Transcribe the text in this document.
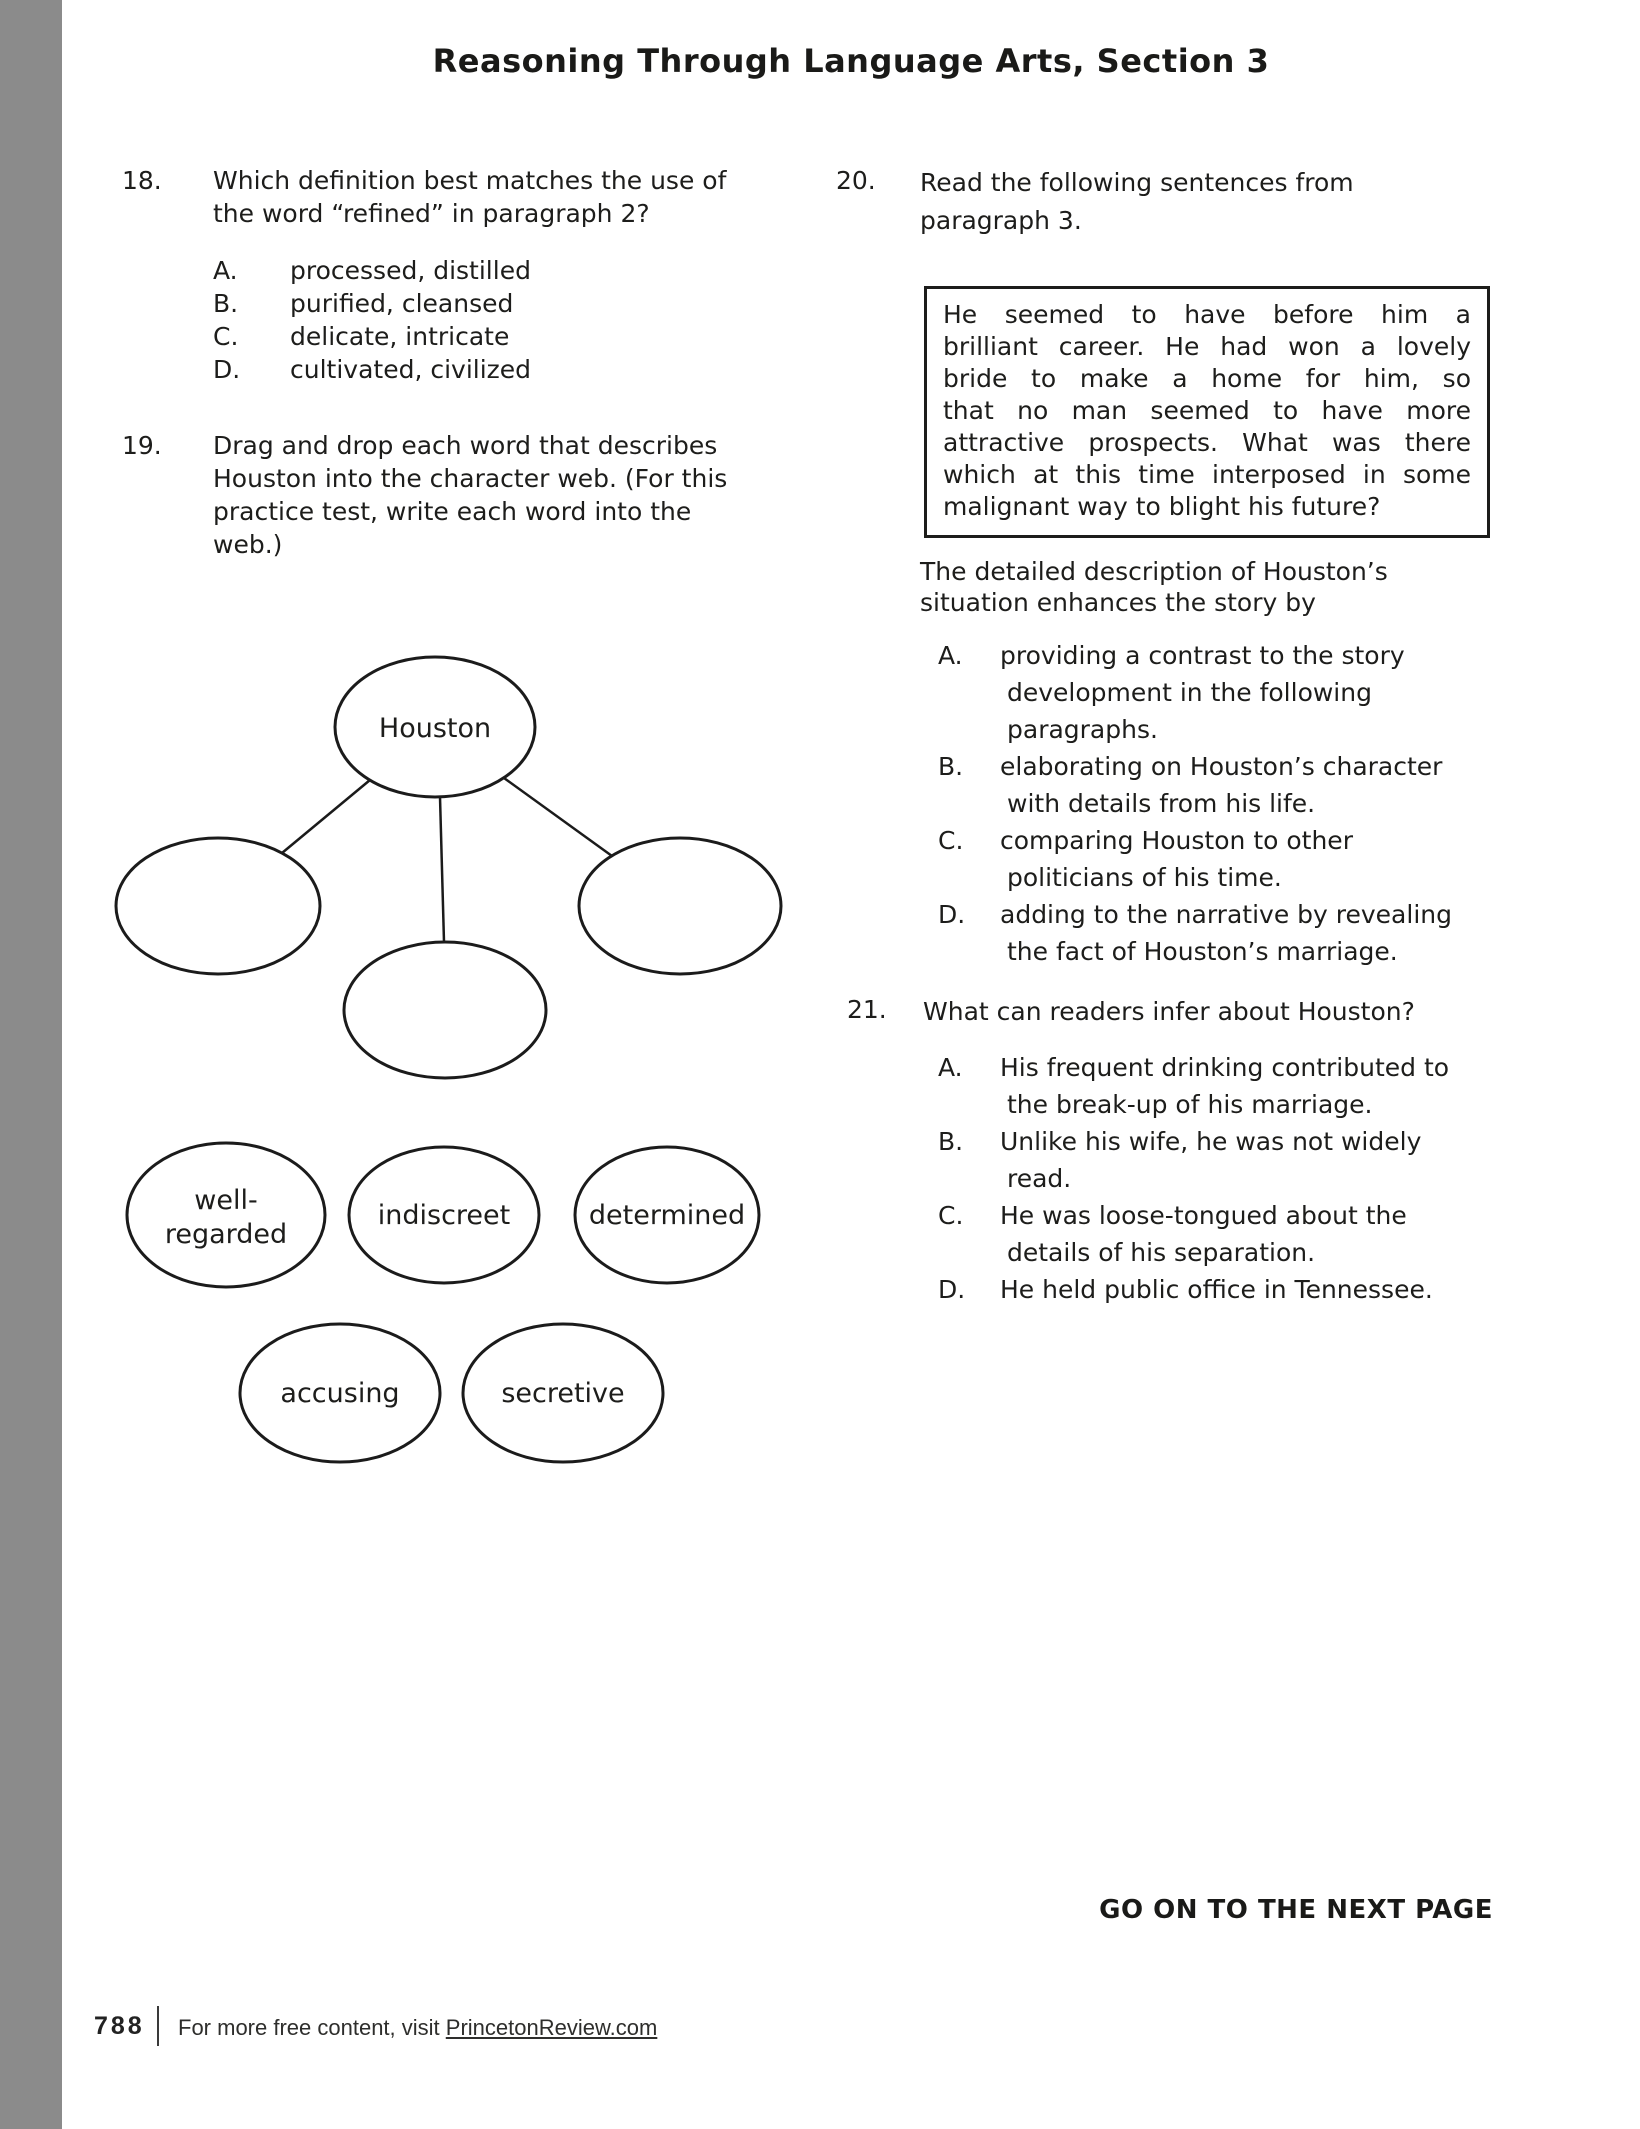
Reasoning Through Language Arts, Section 3
18. Which definition best matches the use of
the word “refined” in paragraph 2?
A.	processed, distilled
B.	purified, cleansed
C.	delicate, intricate
D.	cultivated, civilized
19. Drag and drop each word that describes
Houston into the character web. (For this
practice test, write each word into the
web.)
Houston
well-
regarded
indiscreet	determined
accusing	secretive
20. Read the following sentences from
paragraph 3.
He seemed to have before him a
brilliant career. He had won a lovely
bride to make a home for him, so
that no man seemed to have more
attractive prospects. What was there
which at this time interposed in some
malignant way to blight his future?
The detailed description of Houston’s
situation enhances the story by
A.	providing a contrast to the story
development in the following
paragraphs.
B.	elaborating on Houston’s character
with details from his life.
C.	comparing Houston to other
politicians of his time.
D.	adding to the narrative by revealing
the fact of Houston’s marriage.
21. What can readers infer about Houston?
A.	His frequent drinking contributed to
the break-up of his marriage.
B.	Unlike his wife, he was not widely
read.
C.	He was loose-tongued about the
details of his separation.
D.	He held public office in Tennessee.
GO ON TO THE NEXT PAGE
788 For more free content, visit PrincetonReview.com
